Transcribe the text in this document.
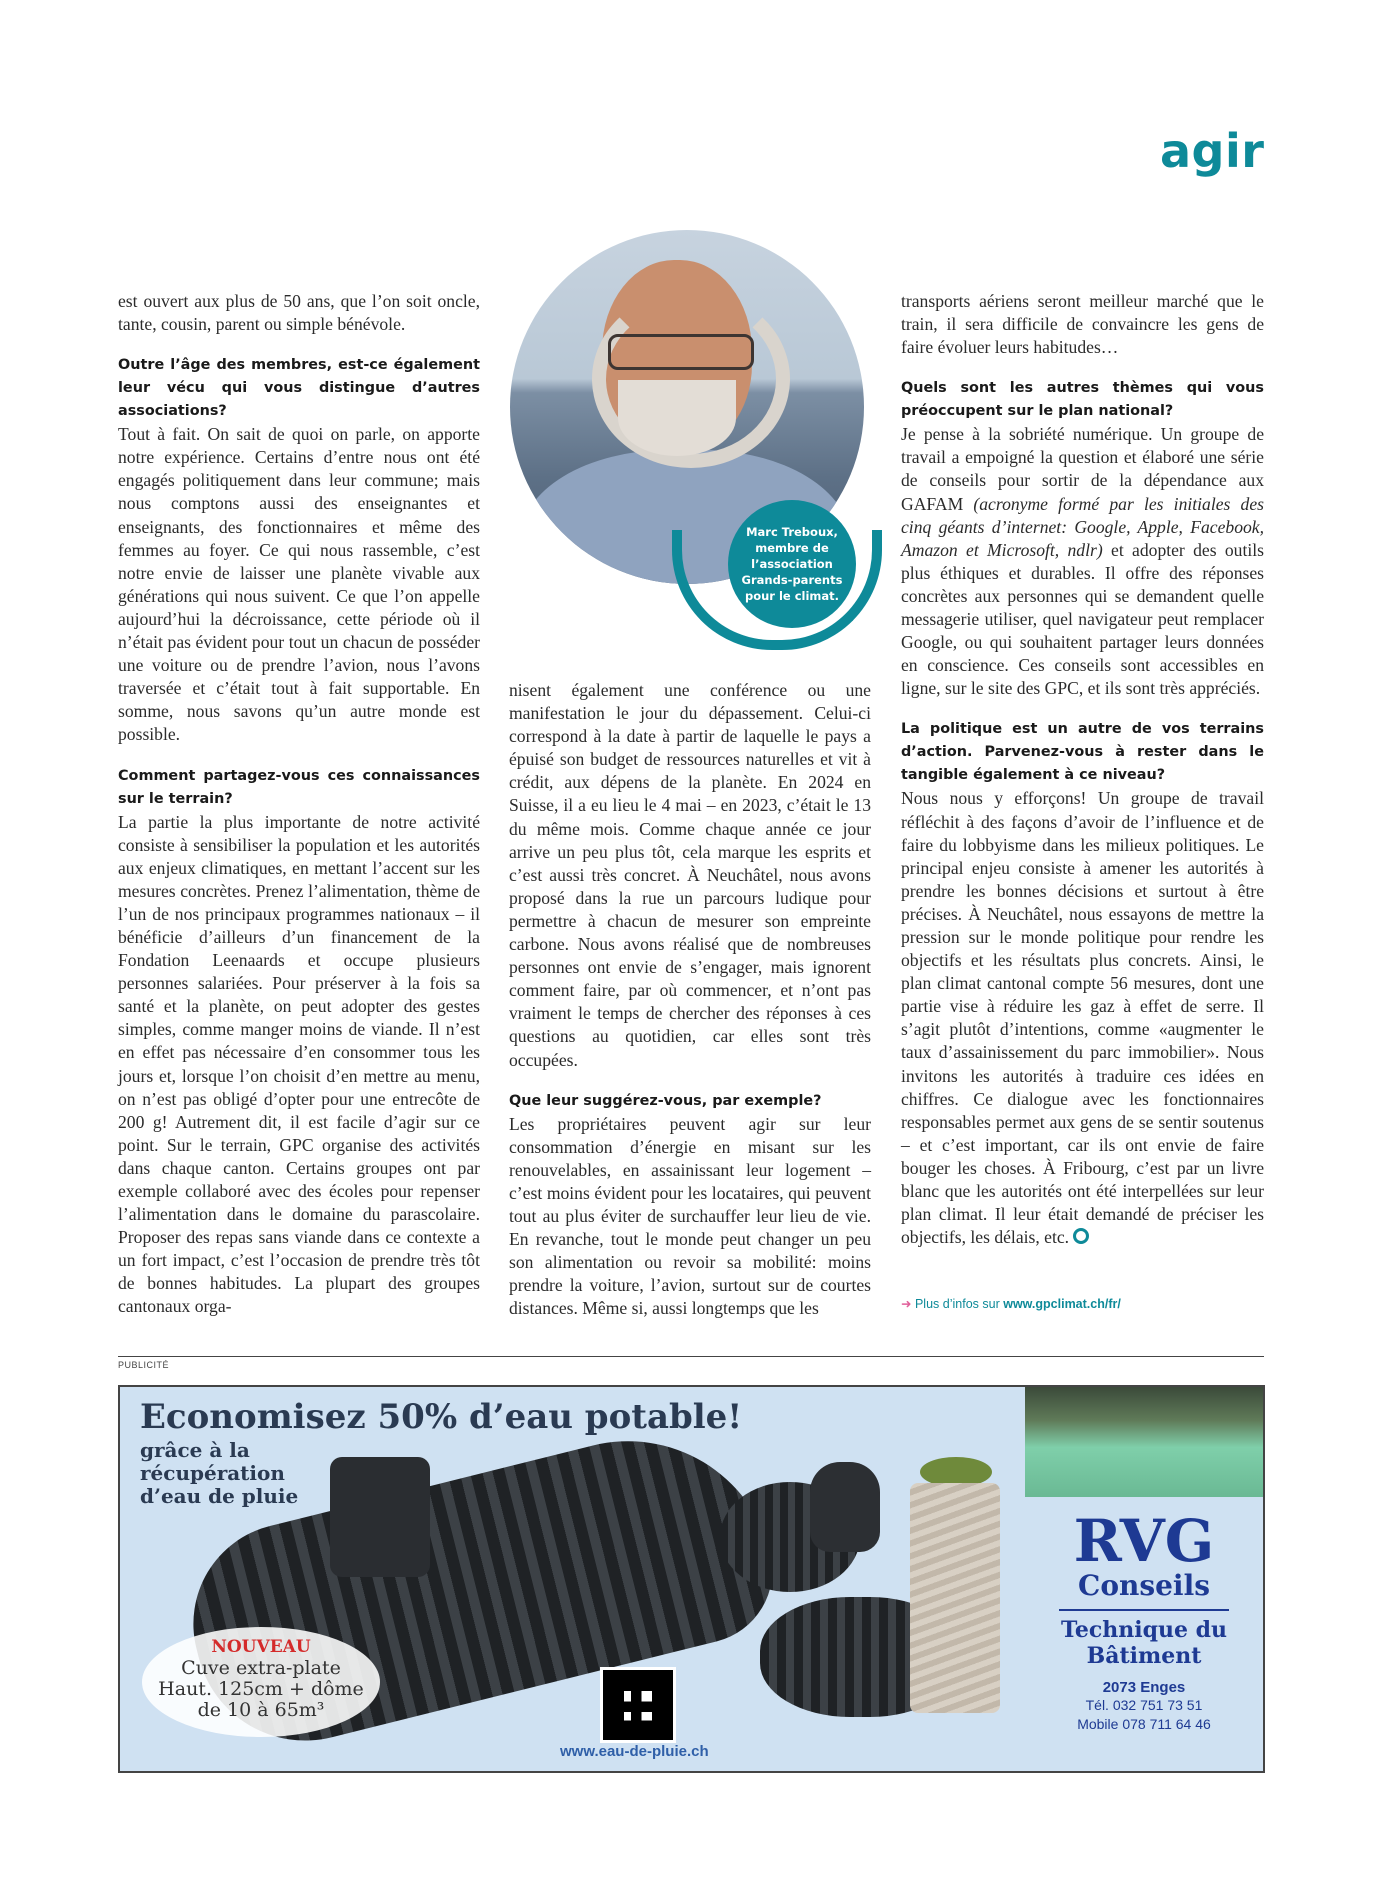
agir

est ouvert aux plus de 50 ans, que l’on soit oncle, tante, cousin, parent ou simple bénévole.

Outre l’âge des membres, est-ce également leur vécu qui vous distingue d’autres associations?

Tout à fait. On sait de quoi on parle, on apporte notre expérience. Certains d’entre nous ont été engagés politiquement dans leur commune; mais nous comptons aussi des enseignantes et enseignants, des fonctionnaires et même des femmes au foyer. Ce qui nous rassemble, c’est notre envie de laisser une planète vivable aux générations qui nous suivent. Ce que l’on appelle aujourd’hui la décroissance, cette période où il n’était pas évident pour tout un chacun de posséder une voiture ou de prendre l’avion, nous l’avons traversée et c’était tout à fait supportable. En somme, nous savons qu’un autre monde est possible.

Comment partagez-vous ces connaissances sur le terrain?

La partie la plus importante de notre activité consiste à sensibiliser la population et les autorités aux enjeux climatiques, en mettant l’accent sur les mesures concrètes. Prenez l’alimentation, thème de l’un de nos principaux programmes nationaux – il bénéficie d’ailleurs d’un financement de la Fondation Leenaards et occupe plusieurs personnes salariées. Pour préserver à la fois sa santé et la planète, on peut adopter des gestes simples, comme manger moins de viande. Il n’est en effet pas nécessaire d’en consommer tous les jours et, lorsque l’on choisit d’en mettre au menu, on n’est pas obligé d’opter pour une entrecôte de 200 g! Autrement dit, il est facile d’agir sur ce point. Sur le terrain, GPC organise des activités dans chaque canton. Certains groupes ont par exemple collaboré avec des écoles pour repenser l’alimentation dans le domaine du parascolaire. Proposer des repas sans viande dans ce contexte a un fort impact, c’est l’occasion de prendre très tôt de bonnes habitudes. La plupart des groupes cantonaux orga-

Marc Treboux, membre de l’association Grands-parents pour le climat.

nisent également une conférence ou une manifestation le jour du dépassement. Celui-ci correspond à la date à partir de laquelle le pays a épuisé son budget de ressources naturelles et vit à crédit, aux dépens de la planète. En 2024 en Suisse, il a eu lieu le 4 mai – en 2023, c’était le 13 du même mois. Comme chaque année ce jour arrive un peu plus tôt, cela marque les esprits et c’est aussi très concret. À Neuchâtel, nous avons proposé dans la rue un parcours ludique pour permettre à chacun de mesurer son empreinte carbone. Nous avons réalisé que de nombreuses personnes ont envie de s’engager, mais ignorent comment faire, par où commencer, et n’ont pas vraiment le temps de chercher des réponses à ces questions au quotidien, car elles sont très occupées.

Que leur suggérez-vous, par exemple?

Les propriétaires peuvent agir sur leur consommation d’énergie en misant sur les renouvelables, en assainissant leur logement – c’est moins évident pour les locataires, qui peuvent tout au plus éviter de surchauffer leur lieu de vie. En revanche, tout le monde peut changer un peu son alimentation ou revoir sa mobilité: moins prendre la voiture, l’avion, surtout sur de courtes distances. Même si, aussi longtemps que les

transports aériens seront meilleur marché que le train, il sera difficile de convaincre les gens de faire évoluer leurs habitudes…

Quels sont les autres thèmes qui vous préoccupent sur le plan national?

Je pense à la sobriété numérique. Un groupe de travail a empoigné la question et élaboré une série de conseils pour sortir de la dépendance aux GAFAM (acronyme formé par les initiales des cinq géants d’internet: Google, Apple, Facebook, Amazon et Microsoft, ndlr) et adopter des outils plus éthiques et durables. Il offre des réponses concrètes aux personnes qui se demandent quelle messagerie utiliser, quel navigateur peut remplacer Google, ou qui souhaitent partager leurs données en conscience. Ces conseils sont accessibles en ligne, sur le site des GPC, et ils sont très appréciés.

La politique est un autre de vos terrains d’action. Parvenez-vous à rester dans le tangible également à ce niveau?

Nous nous y efforçons! Un groupe de travail réfléchit à des façons d’avoir de l’influence et de faire du lobbyisme dans les milieux politiques. Le principal enjeu consiste à amener les autorités à prendre les bonnes décisions et surtout à être précises. À Neuchâtel, nous essayons de mettre la pression sur le monde politique pour rendre les objectifs et les résultats plus concrets. Ainsi, le plan climat cantonal compte 56 mesures, dont une partie vise à réduire les gaz à effet de serre. Il s’agit plutôt d’intentions, comme «augmenter le taux d’assainissement du parc immobilier». Nous invitons les autorités à traduire ces idées en chiffres. Ce dialogue avec les fonctionnaires responsables permet aux gens de se sentir soutenus – et c’est important, car ils ont envie de faire bouger les choses. À Fribourg, c’est par un livre blanc que les autorités ont été interpellées sur leur plan climat. Il leur était demandé de préciser les objectifs, les délais, etc.

➜ Plus d’infos sur www.gpclimat.ch/fr/
PUBLICITÉ
Economisez 50% d’eau potable!
grâce à la
récupération
d’eau de pluie
NOUVEAU
Cuve extra-plate
Haut. 125cm + dôme
de 10 à 65m³
www.eau-de-pluie.ch
RVG
Conseils
Technique du
Bâtiment
2073 Enges
Tél. 032 751 73 51
Mobile 078 711 64 46
